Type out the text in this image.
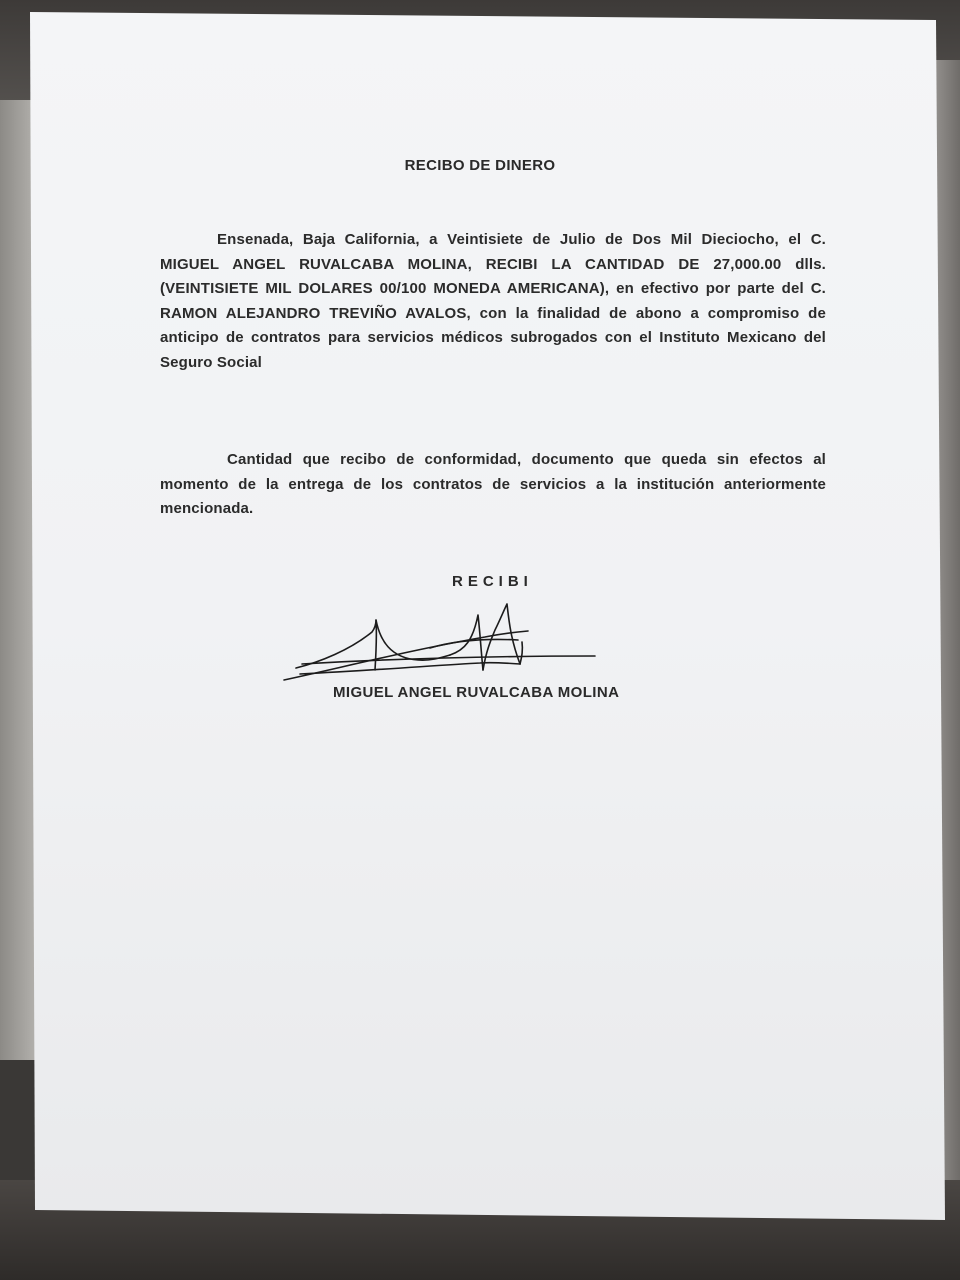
RECIBO DE DINERO
Ensenada, Baja California, a Veintisiete de Julio de Dos Mil Dieciocho, el C. MIGUEL ANGEL RUVALCABA MOLINA, RECIBI LA CANTIDAD DE 27,000.00 dlls. (VEINTISIETE MIL DOLARES 00/100 MONEDA AMERICANA), en efectivo por parte del C. RAMON ALEJANDRO TREVIÑO AVALOS, con la finalidad de abono a compromiso de anticipo de contratos para servicios médicos subrogados con el Instituto Mexicano del Seguro Social
Cantidad que recibo de conformidad, documento que queda sin efectos al momento de la entrega de los contratos de servicios a la institución anteriormente mencionada.
RECIBI
MIGUEL ANGEL RUVALCABA MOLINA
